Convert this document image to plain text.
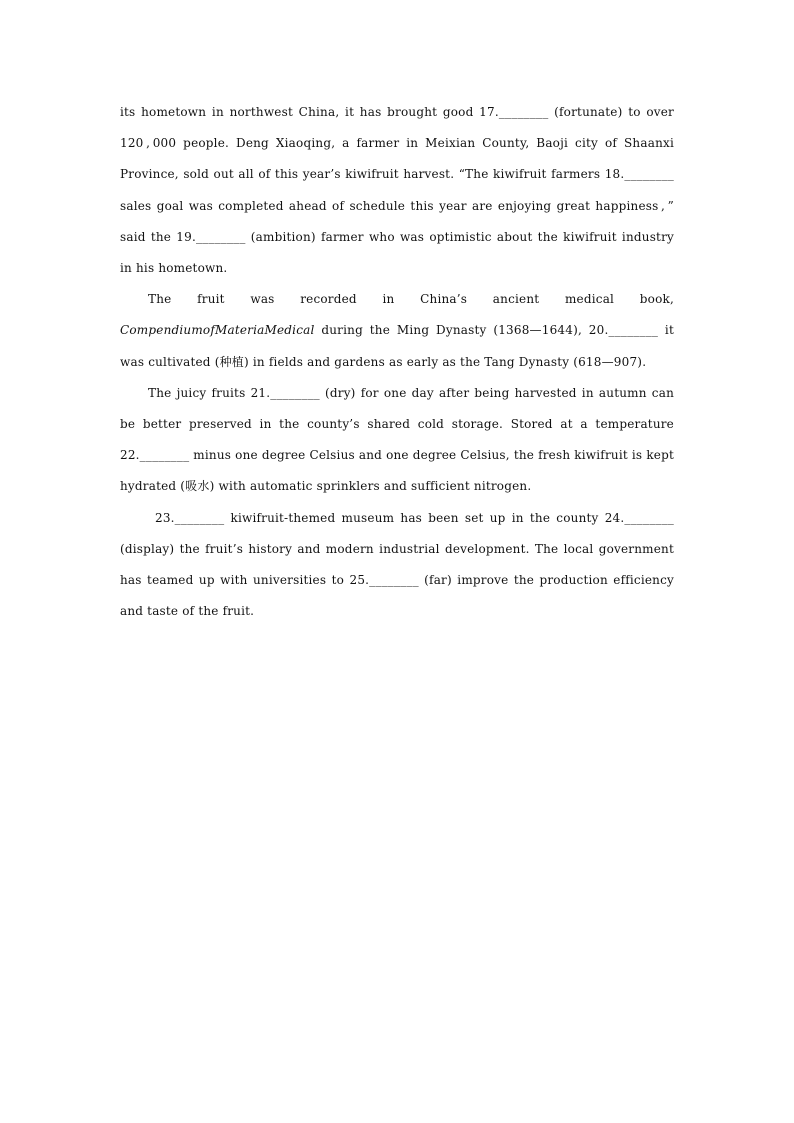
its hometown in northwest China, it has brought good 17.________ (fortunate) to over 120 , 000 people. Deng Xiaoqing, a farmer in Meixian County, Baoji city of Shaanxi Province, sold out all of this year’s kiwifruit harvest. “The kiwifruit farmers 18.________ sales goal was completed ahead of schedule this year are enjoying great happiness , ” said the 19.________ (ambition) farmer who was optimistic about the kiwifruit industry in his hometown.

The fruit was recorded in China’s ancient medical book, CompendiumofMateriaMedical during the Ming Dynasty (1368—1644), 20.________ it was cultivated (种植) in fields and gardens as early as the Tang Dynasty (618—907).

The juicy fruits 21.________ (dry) for one day after being harvested in autumn can be better preserved in the county’s shared cold storage. Stored at a temperature 22.________ minus one degree Celsius and one degree Celsius, the fresh kiwifruit is kept hydrated (吸水) with automatic sprinklers and sufficient nitrogen.

23.________ kiwifruit-themed museum has been set up in the county 24.________ (display) the fruit’s history and modern industrial development. The local government has teamed up with universities to 25.________ (far) improve the production efficiency and taste of the fruit.
